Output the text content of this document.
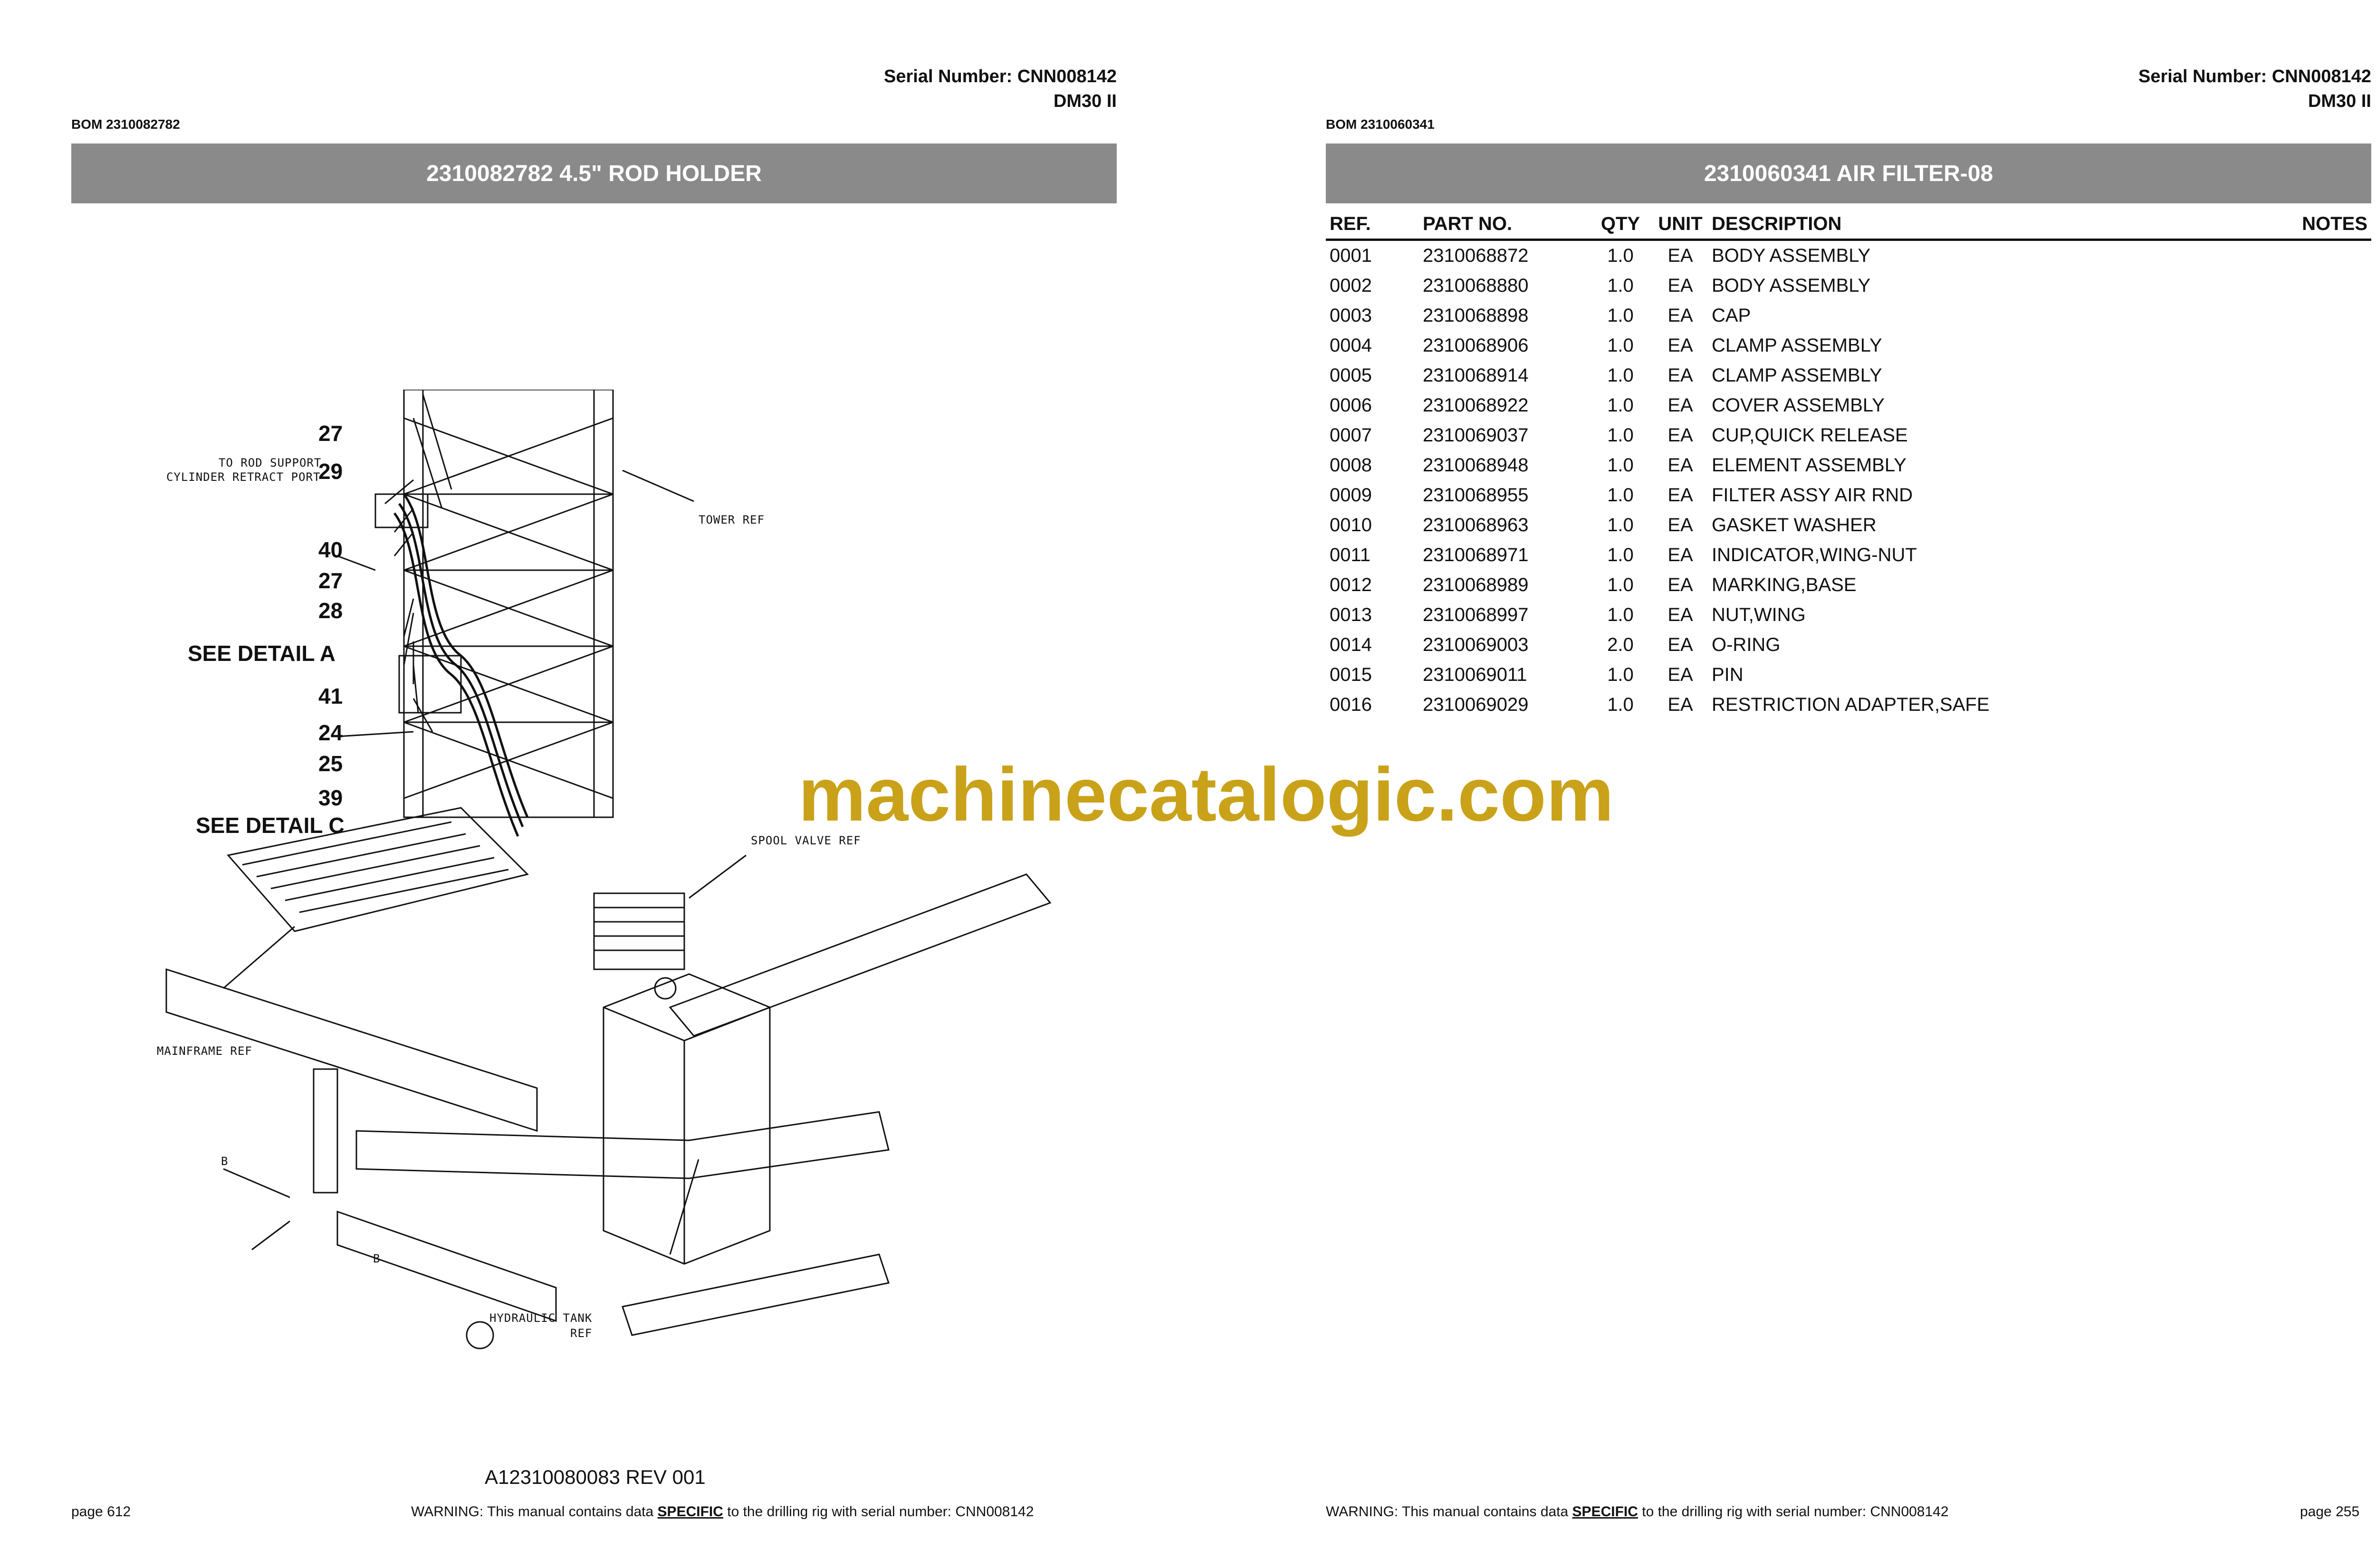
Serial Number: CNN008142
DM30 II
BOM 2310082782
2310082782 4.5" ROD HOLDER
27
29
40
27
28
SEE DETAIL A
41
24
25
39
SEE DETAIL C
TO ROD SUPPORT
CYLINDER RETRACT PORT
TOWER REF
SPOOL VALVE REF
MAINFRAME REF
HYDRAULIC TANK
REF
B
B
A12310080083 REV 001
page 612	WARNING: This manual contains data SPECIFIC to the drilling rig with serial number: CNN008142
Serial Number: CNN008142
DM30 II
BOM 2310060341
2310060341 AIR FILTER-08
REF.	PART NO.	QTY	UNIT	DESCRIPTION	NOTES
0001	2310068872	1.0	EA	BODY ASSEMBLY	
0002	2310068880	1.0	EA	BODY ASSEMBLY	
0003	2310068898	1.0	EA	CAP	
0004	2310068906	1.0	EA	CLAMP ASSEMBLY	
0005	2310068914	1.0	EA	CLAMP ASSEMBLY	
0006	2310068922	1.0	EA	COVER ASSEMBLY	
0007	2310069037	1.0	EA	CUP,QUICK RELEASE	
0008	2310068948	1.0	EA	ELEMENT ASSEMBLY	
0009	2310068955	1.0	EA	FILTER ASSY AIR RND	
0010	2310068963	1.0	EA	GASKET WASHER	
0011	2310068971	1.0	EA	INDICATOR,WING-NUT	
0012	2310068989	1.0	EA	MARKING,BASE	
0013	2310068997	1.0	EA	NUT,WING	
0014	2310069003	2.0	EA	O-RING	
0015	2310069011	1.0	EA	PIN	
0016	2310069029	1.0	EA	RESTRICTION ADAPTER,SAFE	
WARNING: This manual contains data SPECIFIC to the drilling rig with serial number: CNN008142	page 255
machinecatalogic.com
